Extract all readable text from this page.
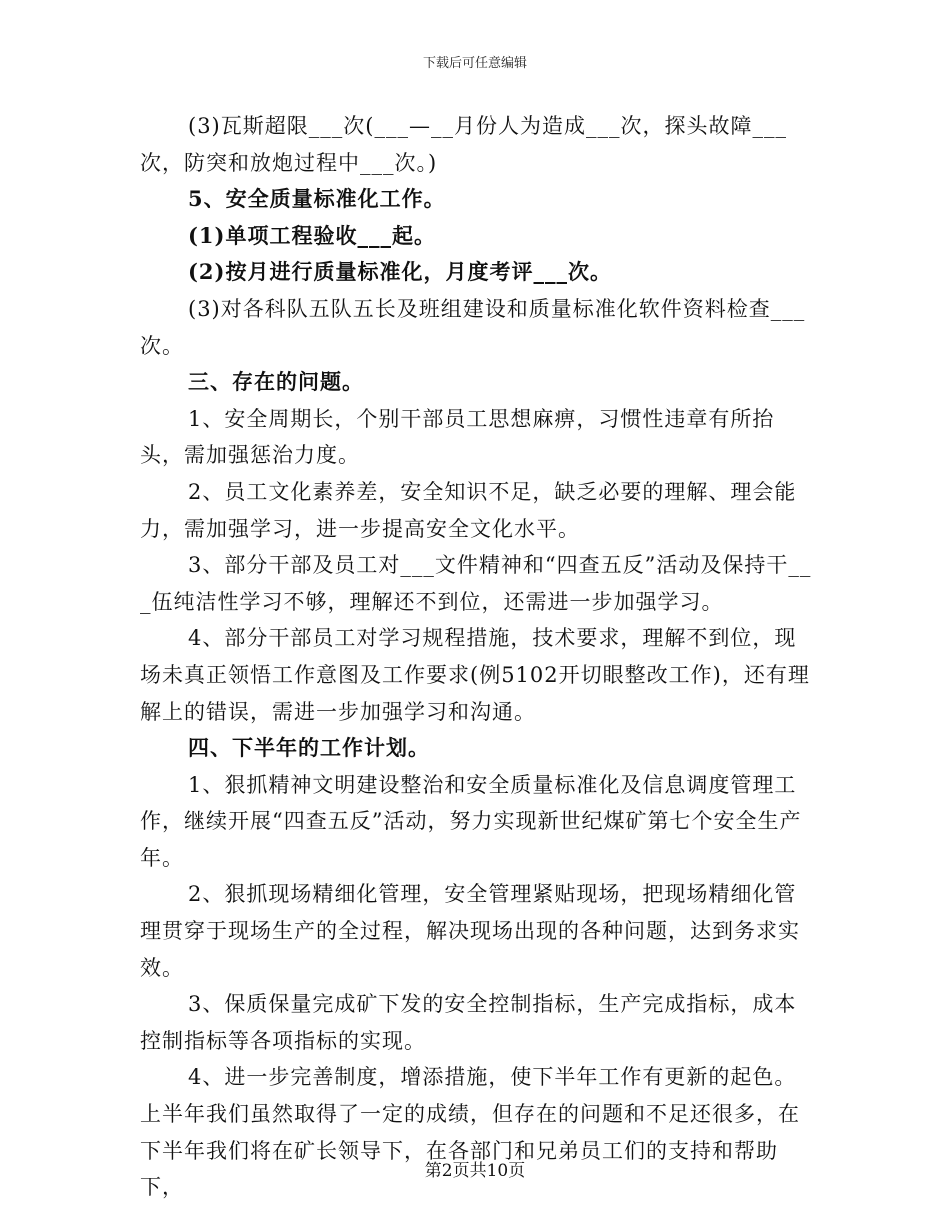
下载后可任意编辑

(3)瓦斯超限___次(___—__月份人为造成___次，探头故障___次，防突和放炮过程中___次。)

5、安全质量标准化工作。

(1)单项工程验收___起。

(2)按月进行质量标准化，月度考评___次。

(3)对各科队五队五长及班组建设和质量标准化软件资料检查___次。

三、存在的问题。

1、安全周期长，个别干部员工思想麻痹，习惯性违章有所抬头，需加强惩治力度。

2、员工文化素养差，安全知识不足，缺乏必要的理解、理会能力，需加强学习，进一步提高安全文化水平。

3、部分干部及员工对___文件精神和“四查五反”活动及保持干___伍纯洁性学习不够，理解还不到位，还需进一步加强学习。

4、部分干部员工对学习规程措施，技术要求，理解不到位，现场未真正领悟工作意图及工作要求(例5102开切眼整改工作)，还有理解上的错误，需进一步加强学习和沟通。

四、下半年的工作计划。

1、狠抓精神文明建设整治和安全质量标准化及信息调度管理工作，继续开展“四查五反”活动，努力实现新世纪煤矿第七个安全生产年。

2、狠抓现场精细化管理，安全管理紧贴现场，把现场精细化管理贯穿于现场生产的全过程，解决现场出现的各种问题，达到务求实效。

3、保质保量完成矿下发的安全控制指标，生产完成指标，成本控制指标等各项指标的实现。

4、进一步完善制度，增添措施，使下半年工作有更新的起色。上半年我们虽然取得了一定的成绩，但存在的问题和不足还很多，在下半年我们将在矿长领导下，在各部门和兄弟员工们的支持和帮助下，

第2页共10页
